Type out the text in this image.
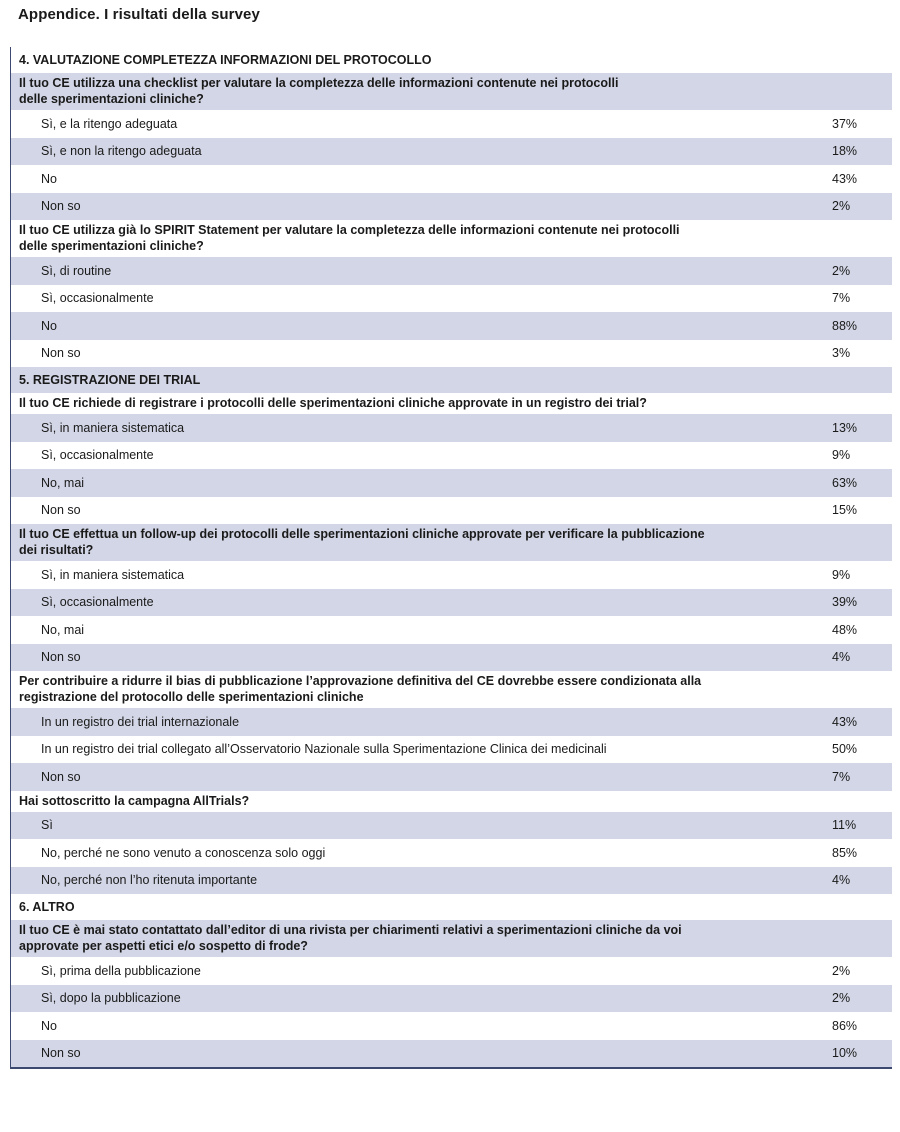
Appendice. I risultati della survey
4. VALUTAZIONE COMPLETEZZA INFORMAZIONI DEL PROTOCOLLO
Il tuo CE utilizza una checklist per valutare la completezza delle informazioni contenute nei protocolli
delle sperimentazioni cliniche?
Sì, e la ritengo adeguata	37%
Sì, e non la ritengo adeguata	18%
No	43%
Non so	2%
Il tuo CE utilizza già lo SPIRIT Statement per valutare la completezza delle informazioni contenute nei protocolli
delle sperimentazioni cliniche?
Sì, di routine	2%
Sì, occasionalmente	7%
No	88%
Non so	3%
5. REGISTRAZIONE DEI TRIAL
Il tuo CE richiede di registrare i protocolli delle sperimentazioni cliniche approvate in un registro dei trial?
Sì, in maniera sistematica	13%
Sì, occasionalmente	9%
No, mai	63%
Non so	15%
Il tuo CE effettua un follow-up dei protocolli delle sperimentazioni cliniche approvate per verificare la pubblicazione
dei risultati?
Sì, in maniera sistematica	9%
Sì, occasionalmente	39%
No, mai	48%
Non so	4%
Per contribuire a ridurre il bias di pubblicazione l’approvazione definitiva del CE dovrebbe essere condizionata alla
registrazione del protocollo delle sperimentazioni cliniche
In un registro dei trial internazionale	43%
In un registro dei trial collegato all’Osservatorio Nazionale sulla Sperimentazione Clinica dei medicinali	50%
Non so	7%
Hai sottoscritto la campagna AllTrials?
Sì	11%
No, perché ne sono venuto a conoscenza solo oggi	85%
No, perché non l’ho ritenuta importante	4%
6. ALTRO
Il tuo CE è mai stato contattato dall’editor di una rivista per chiarimenti relativi a sperimentazioni cliniche da voi
approvate per aspetti etici e/o sospetto di frode?
Sì, prima della pubblicazione	2%
Sì, dopo la pubblicazione	2%
No	86%
Non so	10%
